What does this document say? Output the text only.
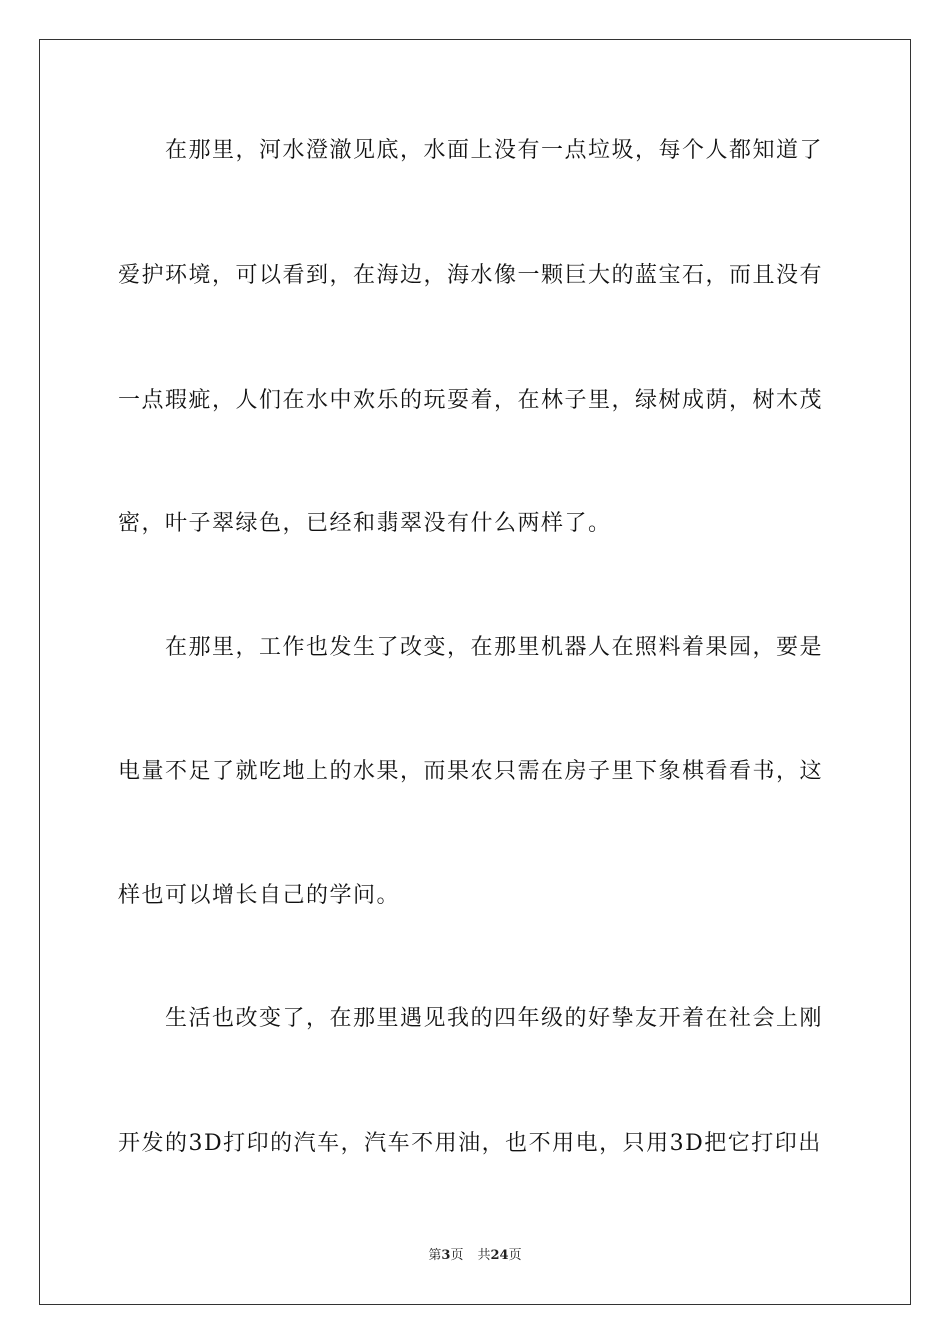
在那里，河水澄澈见底，水面上没有一点垃圾，每个人都知道了
爱护环境，可以看到，在海边，海水像一颗巨大的蓝宝石，而且没有
一点瑕疵，人们在水中欢乐的玩耍着，在林子里，绿树成荫，树木茂
密，叶子翠绿色，已经和翡翠没有什么两样了。
在那里，工作也发生了改变，在那里机器人在照料着果园，要是
电量不足了就吃地上的水果，而果农只需在房子里下象棋看看书，这
样也可以增长自己的学问。
生活也改变了，在那里遇见我的四年级的好挚友开着在社会上刚
开发的3D打印的汽车，汽车不用油，也不用电，只用3D把它打印出
第3页 共24页
